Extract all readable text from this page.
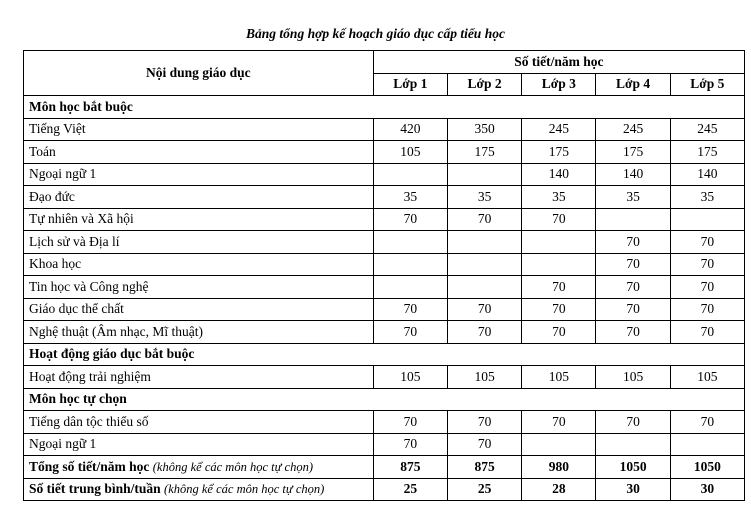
Bảng tổng hợp kế hoạch giáo dục cấp tiểu học
Nội dung giáo dục	Số tiết/năm học				
	Lớp 1	Lớp 2	Lớp 3	Lớp 4	Lớp 5
Môn học bắt buộc					
Tiếng Việt	420	350	245	245	245
Toán	105	175	175	175	175
Ngoại ngữ 1			140	140	140
Đạo đức	35	35	35	35	35
Tự nhiên và Xã hội	70	70	70		
Lịch sử và Địa lí				70	70
Khoa học				70	70
Tin học và Công nghệ			70	70	70
Giáo dục thể chất	70	70	70	70	70
Nghệ thuật (Âm nhạc, Mĩ thuật)	70	70	70	70	70
Hoạt động giáo dục bắt buộc					
Hoạt động trải nghiệm	105	105	105	105	105
Môn học tự chọn					
Tiếng dân tộc thiểu số	70	70	70	70	70
Ngoại ngữ 1	70	70			
Tổng số tiết/năm học (không kể các môn học tự chọn)	875	875	980	1050	1050
Số tiết trung bình/tuần (không kể các môn học tự chọn)	25	25	28	30	30
